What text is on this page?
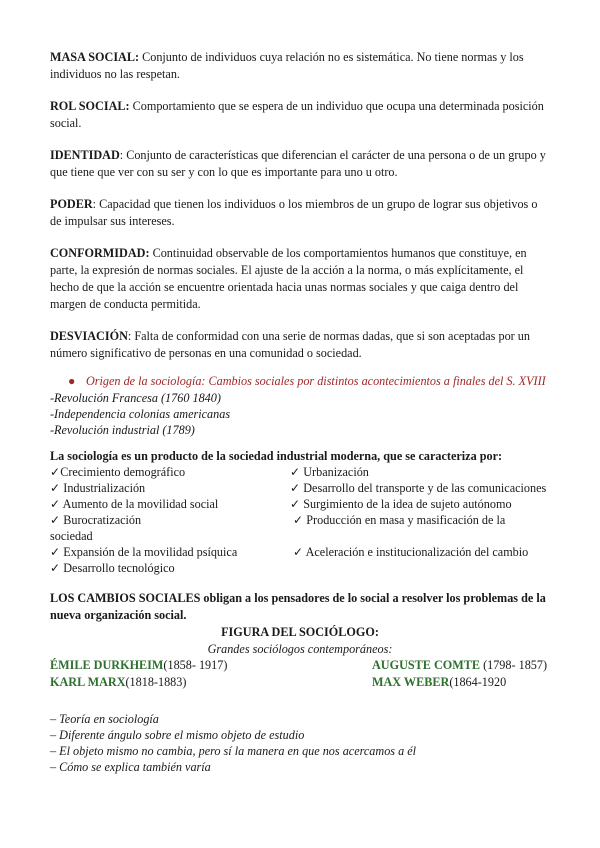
MASA SOCIAL: Conjunto de individuos cuya relación no es sistemática. No tiene normas y los individuos no las respetan.

ROL SOCIAL: Comportamiento que se espera de un individuo que ocupa una determinada posición social.

IDENTIDAD: Conjunto de características que diferencian el carácter de una persona o de un grupo y que tiene que ver con su ser y con lo que es importante para uno u otro.

PODER: Capacidad que tienen los individuos o los miembros de un grupo de lograr sus objetivos o de impulsar sus intereses.

CONFORMIDAD: Continuidad observable de los comportamientos humanos que constituye, en parte, la expresión de normas sociales. El ajuste de la acción a la norma, o más explícitamente, el hecho de que la acción se encuentre orientada hacia unas normas sociales y que caiga dentro del margen de conducta permitida.

DESVIACIÓN: Falta de conformidad con una serie de normas dadas, que si son aceptadas por un número significativo de personas en una comunidad o sociedad.

● Origen de la sociología: Cambios sociales por distintos acontecimientos a finales del S. XVIII
-Revolución Francesa (1760 1840)
-Independencia colonias americanas
-Revolución industrial (1789)

La sociología es un producto de la sociedad industrial moderna, que se caracteriza por:

✓Crecimiento demográfico
✓ Industrialización
✓ Aumento de la movilidad social
✓ Burocratización
sociedad
✓ Expansión de la movilidad psíquica
✓ Desarrollo tecnológico
✓ Urbanización
✓ Desarrollo del transporte y de las comunicaciones
✓ Surgimiento de la idea de sujeto autónomo
✓ Producción en masa y masificación de la
✓ Aceleración e institucionalización del cambio

LOS CAMBIOS SOCIALES obligan a los pensadores de lo social a resolver los problemas de la nueva organización social.

FIGURA DEL SOCIÓLOGO:

Grandes sociólogos contemporáneos:

ÉMILE DURKHEIM(1858- 1917)
KARL MARX(1818-1883)
AUGUSTE COMTE (1798- 1857)
MAX WEBER(1864-1920
– Teoría en sociología
– Diferente ángulo sobre el mismo objeto de estudio
– El objeto mismo no cambia, pero sí la manera en que nos acercamos a él
– Cómo se explica también varía
